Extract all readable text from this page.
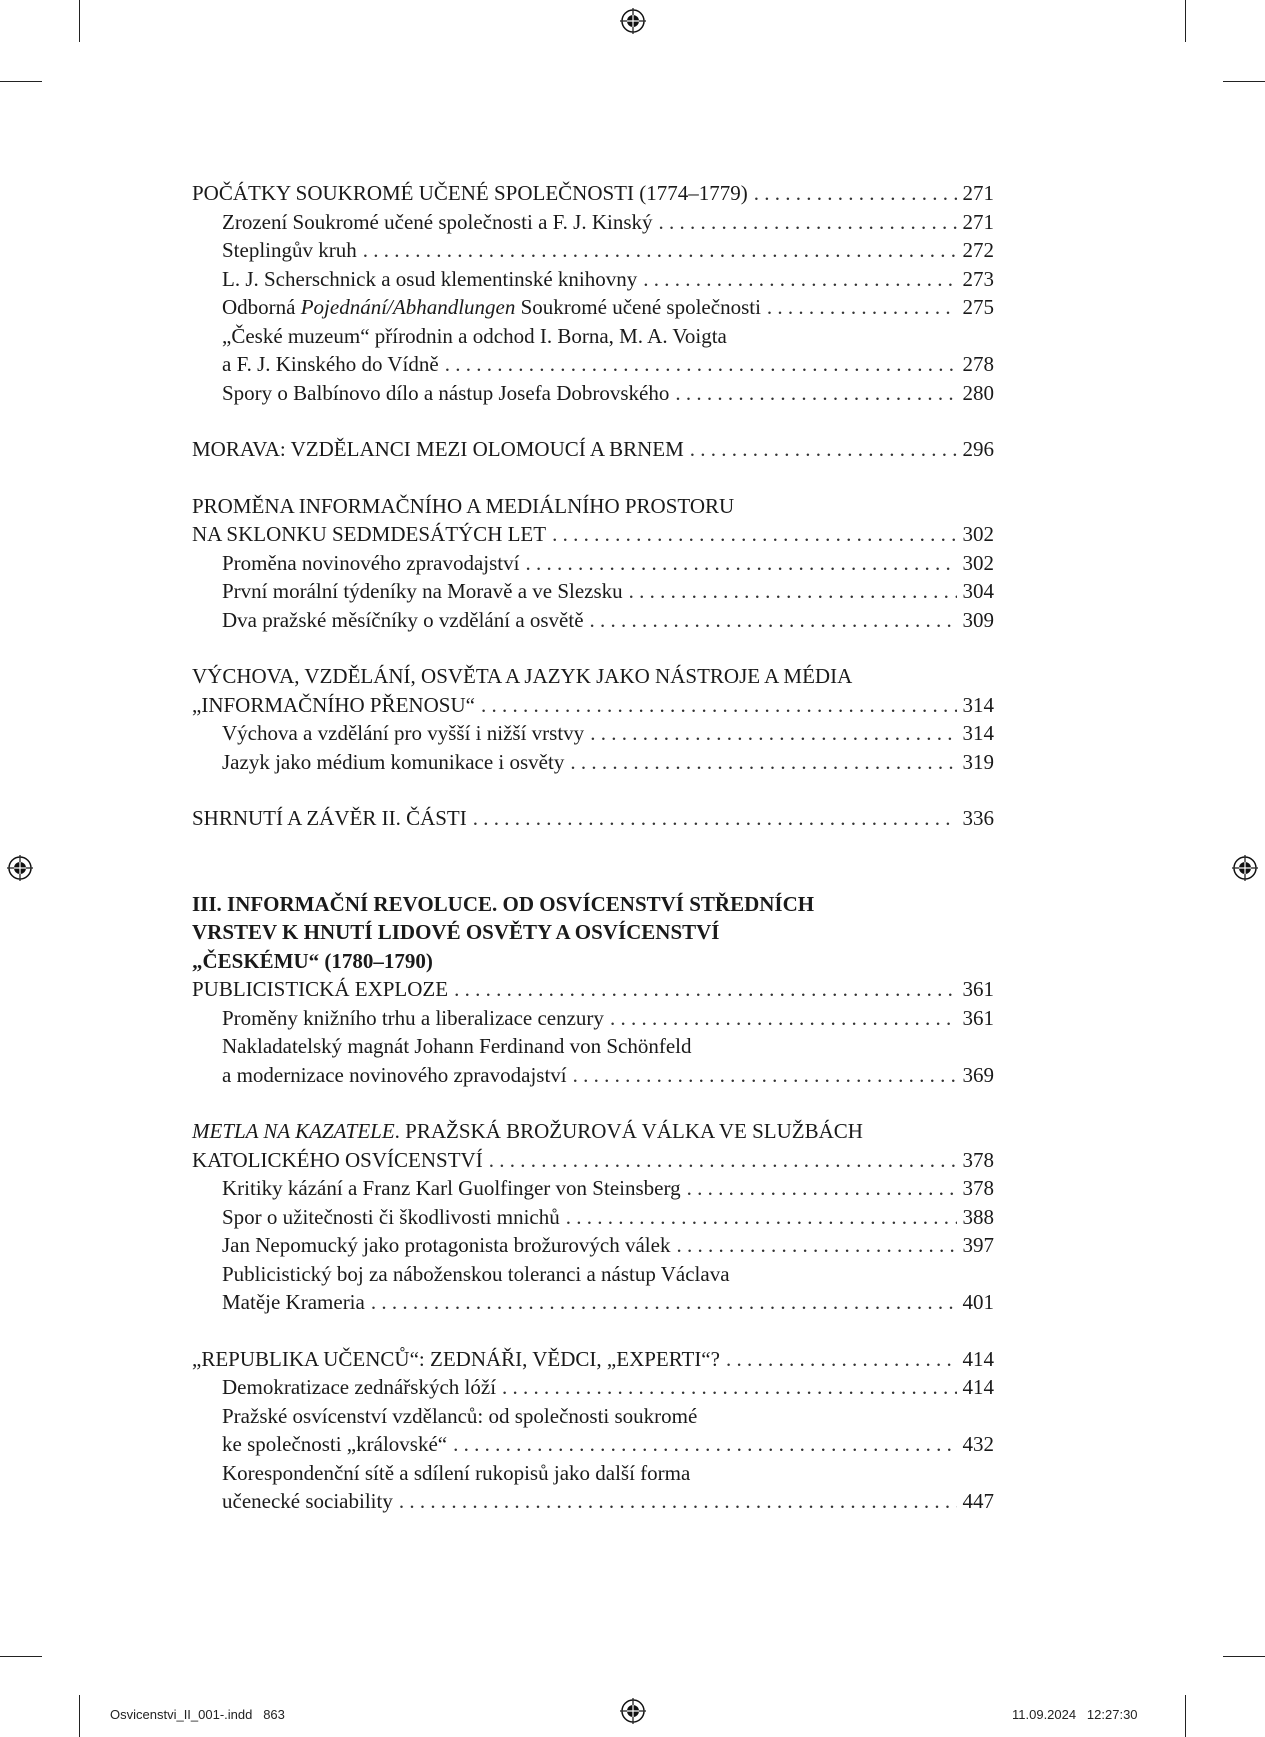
POČÁTKY SOUKROMÉ UČENÉ SPOLEČNOSTI (1774–1779) . . .	271
Zrození Soukromé učené společnosti a F. J. Kinský . . .	271
Steplingův kruh . . .	272
L. J. Scherschnick a osud klementinské knihovny . . .	273
Odborná Pojednání/Abhandlungen Soukromé učené společnosti . . .	275
„České muzeum“ přírodnin a odchod I. Borna, M. A. Voigta
a F. J. Kinského do Vídně . . .	278
Spory o Balbínovo dílo a nástup Josefa Dobrovského . . .	280
MORAVA: VZDĚLANCI MEZI OLOMOUCÍ A BRNEM . . .	296
PROMĚNA INFORMAČNÍHO A MEDIÁLNÍHO PROSTORU
NA SKLONKU SEDMDESÁTÝCH LET . . .	302
Proměna novinového zpravodajství . . .	302
První morální týdeníky na Moravě a ve Slezsku . . .	304
Dva pražské měsíčníky o vzdělání a osvětě . . .	309
VÝCHOVA, VZDĚLÁNÍ, OSVĚTA A JAZYK JAKO NÁSTROJE A MÉDIA
„INFORMAČNÍHO PŘENOSU“ . . .	314
Výchova a vzdělání pro vyšší i nižší vrstvy . . .	314
Jazyk jako médium komunikace i osvěty . . .	319
SHRNUTÍ A ZÁVĚR II. ČÁSTI . . .	336
III. INFORMAČNÍ REVOLUCE. OD OSVÍCENSTVÍ STŘEDNÍCH
VRSTEV K HNUTÍ LIDOVÉ OSVĚTY A OSVÍCENSTVÍ
„ČESKÉMU“ (1780–1790)
PUBLICISTICKÁ EXPLOZE . . .	361
Proměny knižního trhu a liberalizace cenzury . . .	361
Nakladatelský magnát Johann Ferdinand von Schönfeld
a modernizace novinového zpravodajství . . .	369
METLA NA KAZATELE. PRAŽSKÁ BROŽUROVÁ VÁLKA VE SLUŽBÁCH
KATOLICKÉHO OSVÍCENSTVÍ . . .	378
Kritiky kázání a Franz Karl Guolfinger von Steinsberg . . .	378
Spor o užitečnosti či škodlivosti mnichů . . .	388
Jan Nepomucký jako protagonista brožurových válek . . .	397
Publicistický boj za náboženskou toleranci a nástup Václava
Matěje Krameria . . .	401
„REPUBLIKA UČENCŮ“: ZEDNÁŘI, VĚDCI, „EXPERTI“? . . .	414
Demokratizace zednářských lóží . . .	414
Pražské osvícenství vzdělanců: od společnosti soukromé
ke společnosti „královské“ . . .	432
Korespondenční sítě a sdílení rukopisů jako další forma
učenecké sociability . . .	447
Osvicenstvi_II_001-.indd   863	11.09.2024   12:27:30
